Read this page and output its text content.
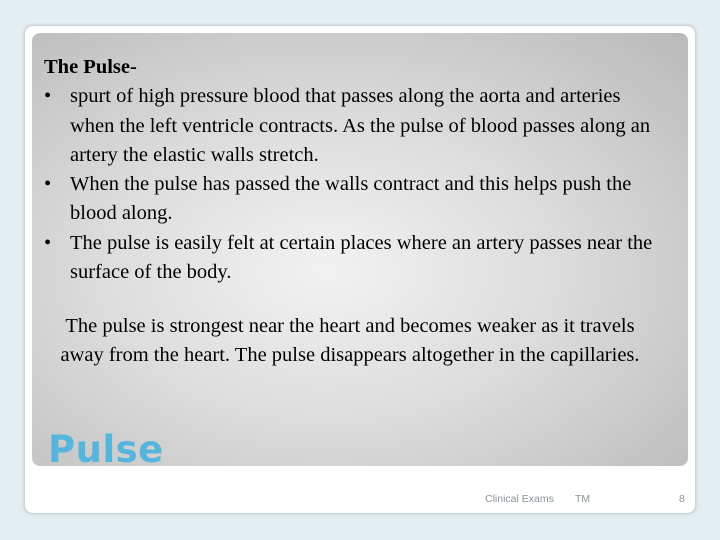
The Pulse-
• spurt of high pressure blood that passes along the aorta and arteries when the left ventricle contracts. As the pulse of blood passes along an artery the elastic walls stretch.
• When the pulse has passed the walls contract and this helps push the blood along.
• The pulse is easily felt at certain places where an artery passes near the surface of the body.
The pulse is strongest near the heart and becomes weaker as it travels away from the heart. The pulse disappears altogether in the capillaries.
Pulse
Clinical Exams TM	8
